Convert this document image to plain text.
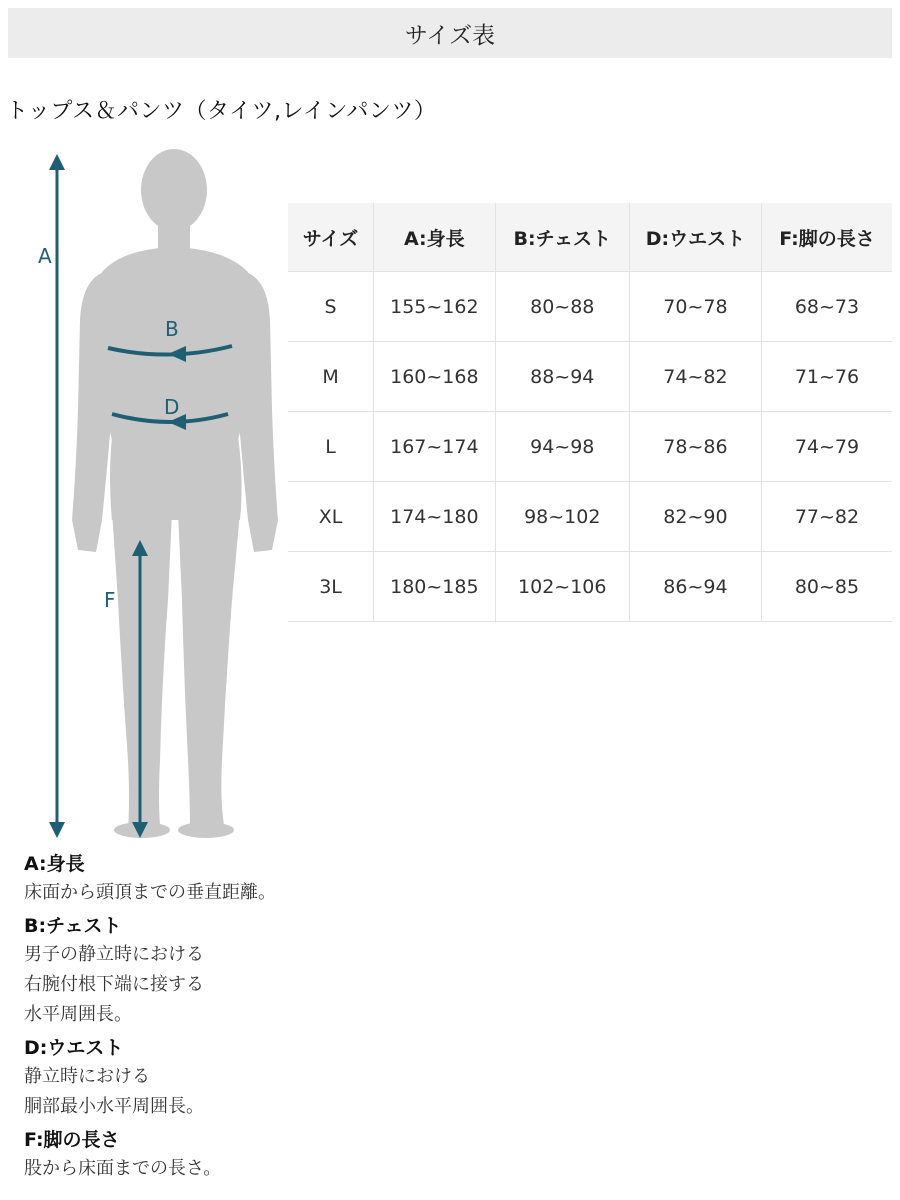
サイズ表
トップス＆パンツ（タイツ,レインパンツ）
A
B
D
F
サイズ	A:身長	B:チェスト	D:ウエスト	F:脚の長さ
S	155~162	80~88	70~78	68~73
M	160~168	88~94	74~82	71~76
L	167~174	94~98	78~86	74~79
XL	174~180	98~102	82~90	77~82
3L	180~185	102~106	86~94	80~85
A:身長
床面から頭頂までの垂直距離。
B:チェスト
男子の静立時における
右腕付根下端に接する
水平周囲長。
D:ウエスト
静立時における
胴部最小水平周囲長。
F:脚の長さ
股から床面までの長さ。
